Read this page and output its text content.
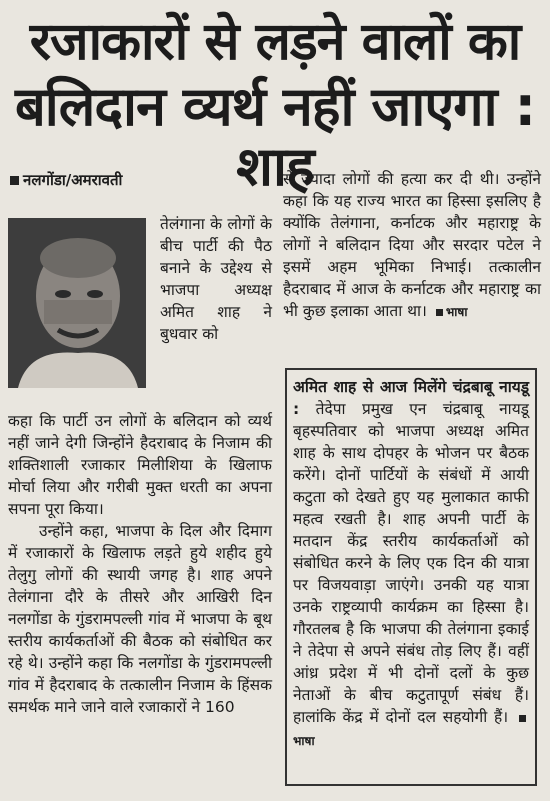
रजाकारों से लड़ने वालों का
बलिदान व्यर्थ नहीं जाएगा : शाह
नलगोंडा/अमरावती

तेलंगाना के लोगों के बीच पार्टी की पैठ बनाने के उद्देश्य से भाजपा अध्यक्ष अमित शाह ने बुधवार को

कहा कि पार्टी उन लोगों के बलिदान को व्यर्थ नहीं जाने देगी जिन्होंने हैदराबाद के निजाम की शक्तिशाली रजाकार मिलीशिया के खिलाफ मोर्चा लिया और गरीबी मुक्त धरती का अपना सपना पूरा किया।

उन्होंने कहा, भाजपा के दिल और दिमाग में रजाकारों के खिलाफ लड़ते हुये शहीद हुये तेलुगु लोगों की स्थायी जगह है। शाह अपने तेलंगाना दौरे के तीसरे और आखिरी दिन नलगोंडा के गुंडरामपल्ली गांव में भाजपा के बूथ स्तरीय कार्यकर्ताओं की बैठक को संबोधित कर रहे थे। उन्होंने कहा कि नलगोंडा के गुंडरामपल्ली गांव में हैदराबाद के तत्कालीन निजाम के हिंसक समर्थक माने जाने वाले रजाकारों ने 160

से ज्यादा लोगों की हत्या कर दी थी। उन्होंने कहा कि यह राज्य भारत का हिस्सा इसलिए है क्योंकि तेलंगाना, कर्नाटक और महाराष्ट्र के लोगों ने बलिदान दिया और सरदार पटेल ने इसमें अहम भूमिका निभाई। तत्कालीन हैदराबाद में आज के कर्नाटक और महाराष्ट्र का भी कुछ इलाका आता था। भाषा

अमित शाह से आज मिलेंगे चंद्रबाबू नायडू : तेदेपा प्रमुख एन चंद्रबाबू नायडू बृहस्पतिवार को भाजपा अध्यक्ष अमित शाह के साथ दोपहर के भोजन पर बैठक करेंगे। दोनों पार्टियों के संबंधों में आयी कटुता को देखते हुए यह मुलाकात काफी महत्व रखती है। शाह अपनी पार्टी के मतदान केंद्र स्तरीय कार्यकर्ताओं को संबोधित करने के लिए एक दिन की यात्रा पर विजयवाड़ा जाएंगे। उनकी यह यात्रा उनके राष्ट्रव्यापी कार्यक्रम का हिस्सा है। गौरतलब है कि भाजपा की तेलंगाना इकाई ने तेदेपा से अपने संबंध तोड़ लिए हैं। वहीं आंध्र प्रदेश में भी दोनों दलों के कुछ नेताओं के बीच कटुतापूर्ण संबंध हैं। हालांकि केंद्र में दोनों दल सहयोगी हैं। भाषा
